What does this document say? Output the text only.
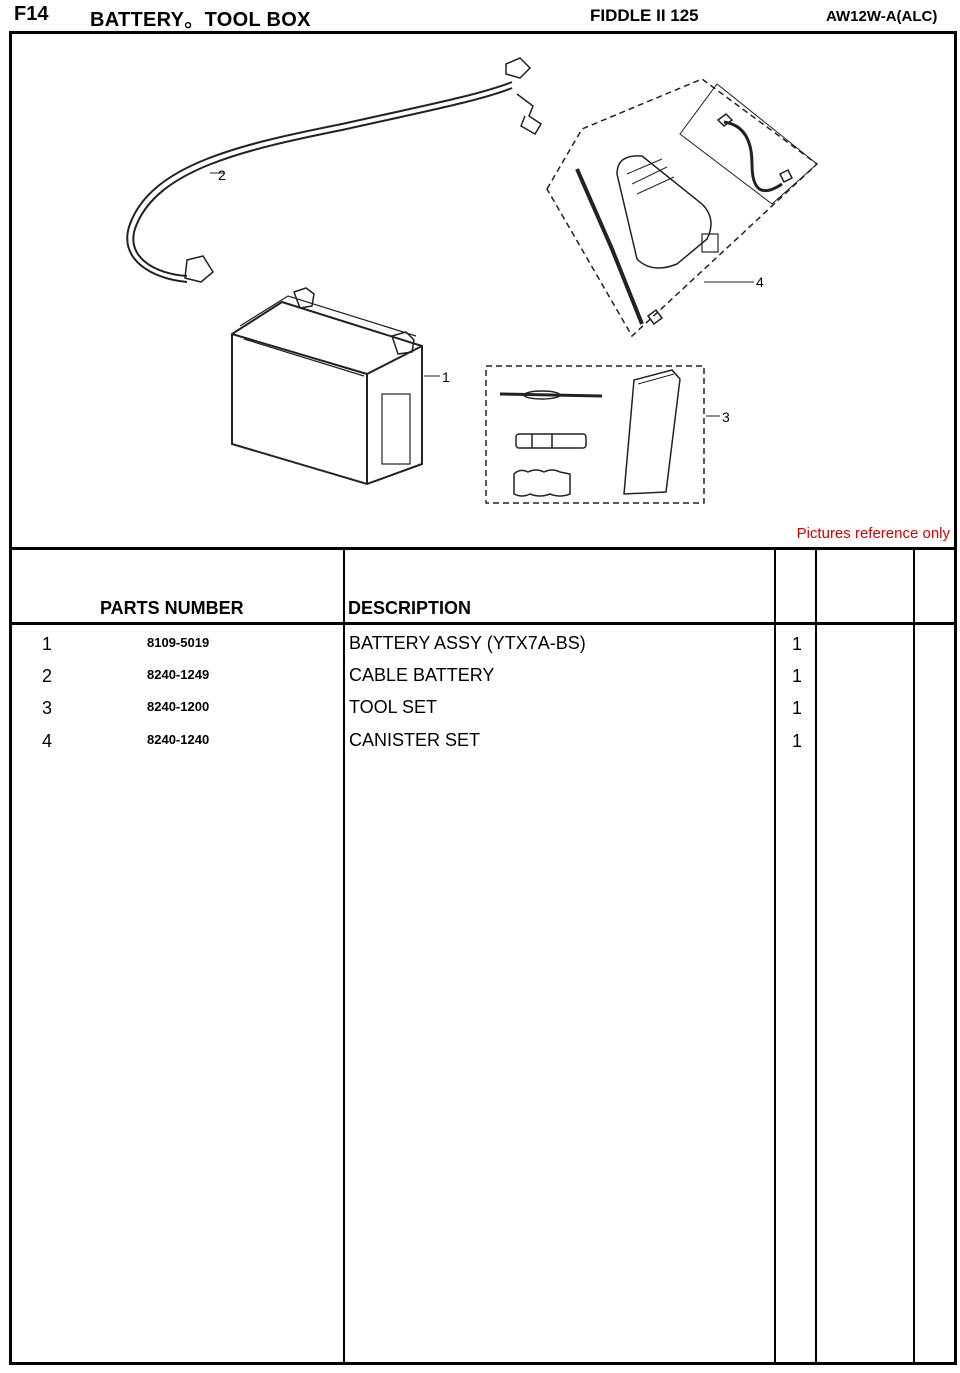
F14 BATTERY。TOOL BOX	FIDDLE II 125	AW12W-A(ALC)
2
1
4
3
Pictures reference only
PARTS NUMBER	DESCRIPTION
1	8109-5019	BATTERY ASSY (YTX7A-BS)	1
2	8240-1249	CABLE BATTERY	1
3	8240-1200	TOOL SET	1
4	8240-1240	CANISTER SET	1
